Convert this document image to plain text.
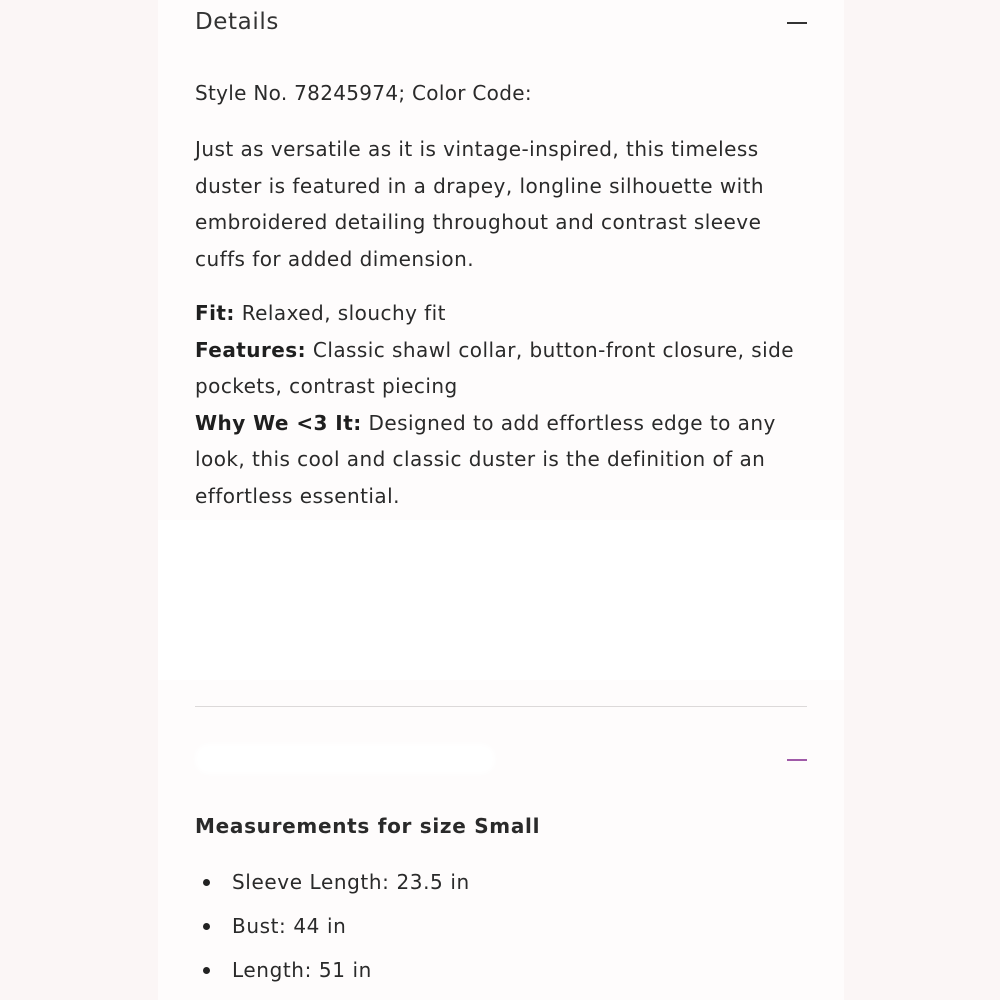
Details
Style No. 78245974; Color Code:

Just as versatile as it is vintage-inspired, this timeless duster is featured in a drapey, longline silhouette with embroidered detailing throughout and contrast sleeve cuffs for added dimension.

Fit: Relaxed, slouchy fit

Features: Classic shawl collar, button-front closure, side pockets, contrast piecing

Why We <3 It: Designed to add effortless edge to any look, this cool and classic duster is the definition of an effortless essential.

Measurements for size Small
Sleeve Length: 23.5 in
Bust: 44 in
Length: 51 in
